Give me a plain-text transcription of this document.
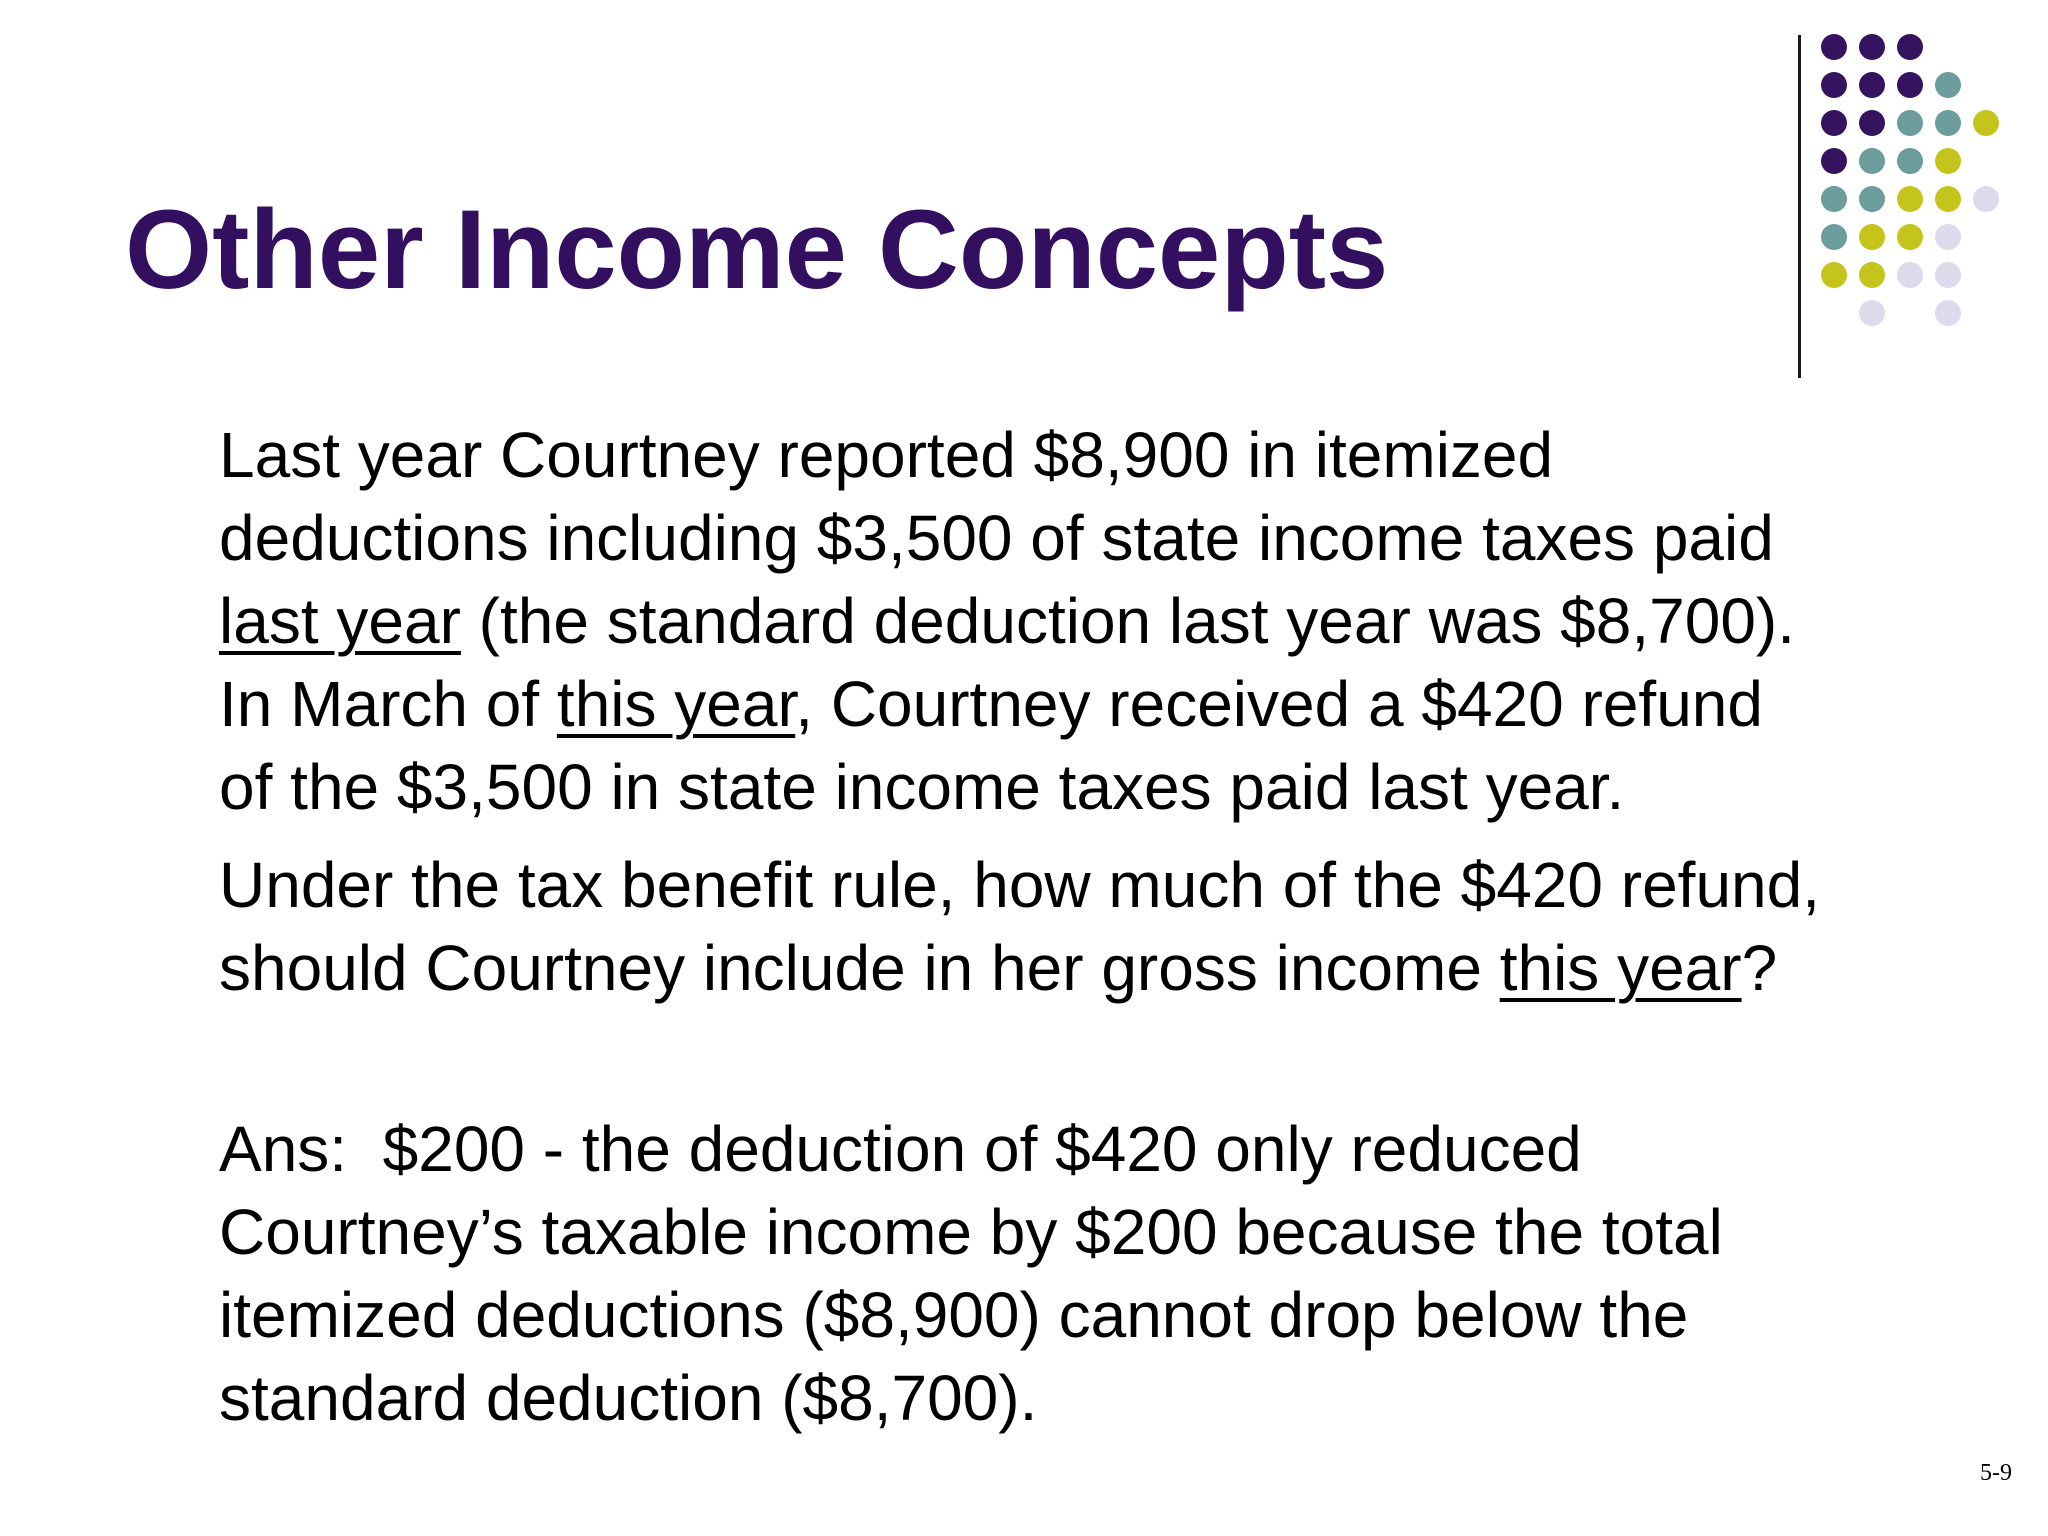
Other Income Concepts

Last year Courtney reported $8,900 in itemized
deductions including $3,500 of state income taxes paid
last year (the standard deduction last year was $8,700).
In March of this year, Courtney received a $420 refund
of the $3,500 in state income taxes paid last year.

Under the tax benefit rule, how much of the $420 refund,
should Courtney include in her gross income this year?

Ans:  $200 - the deduction of $420 only reduced
Courtney’s taxable income by $200 because the total
itemized deductions ($8,900) cannot drop below the
standard deduction ($8,700).

5-9
